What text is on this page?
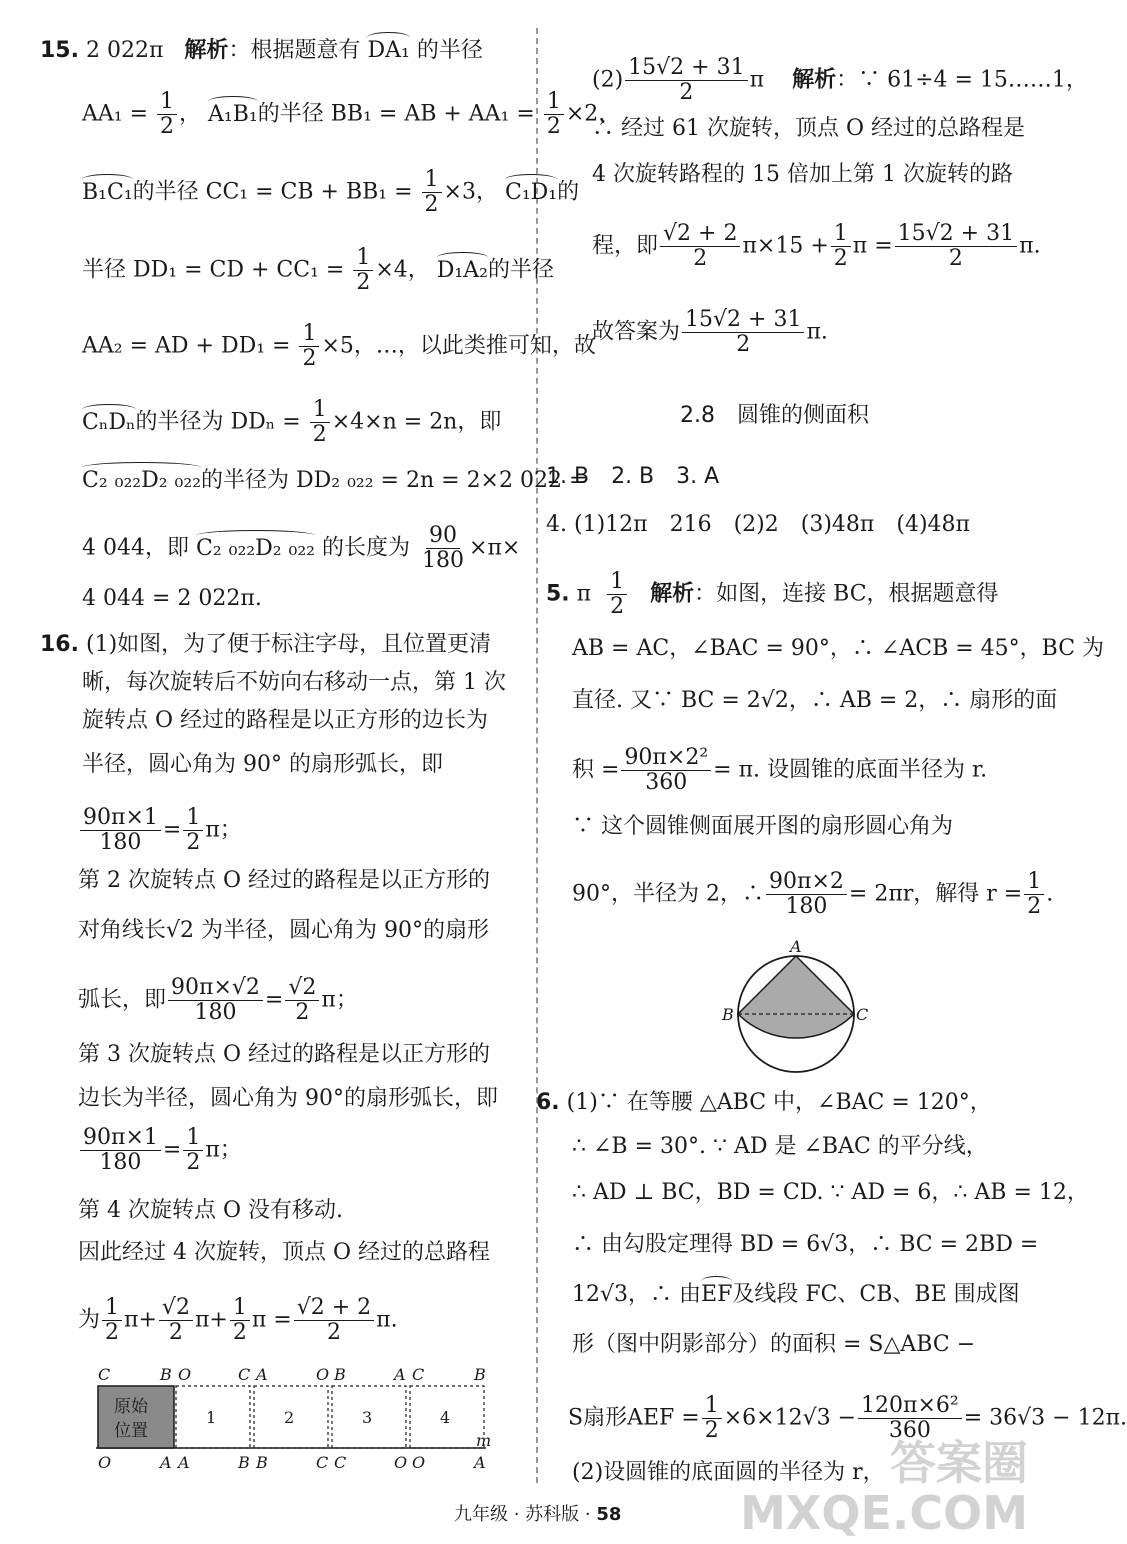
15. 2 022π 解析：根据题意有 DA₁ 的半径
$AA_1 = \frac{1}{2}$ ， A₁B₁的半径 BB₁ = AB + $AA_1 = \frac{1}{2} \times 2$，
B₁C₁的半径 CC₁ = CB + $BB_1 = \frac{1}{2} \times 3$， C₁D₁的
半径 DD₁ = CD + $CC_1 = \frac{1}{2} \times 4$， D₁A₂的半径
AA₂ = AD + $DD_1 = \frac{1}{2} \times 5$，…，以此类推可知，故
CₙDₙ的半径为 $DD_n = \frac{1}{2} \times 4\times n = 2n$，即
C₂ ₀₂₂D₂ ₀₂₂的半径为 DD₂ ₀₂₂ = 2n = 2×2 022 =
4 044，即 C₂ ₀₂₂D₂ ₀₂₂ 的长度为 $\frac{90}{180} \times\pi\times$
4 044 = 2 022π.
16. (1)如图，为了便于标注字母，且位置更清
晰，每次旋转后不妨向右移动一点，第 1 次
旋转点 O 经过的路程是以正方形的边长为
半径，圆心角为 90° 的扇形弧长，即
$\frac{90\pi\times 1}{180} = \frac{1}{2}$ π；
第 2 次旋转点 O 经过的路程是以正方形的
对角线长√2 为半径，圆心角为 90°的扇形
弧长，即 $\frac{90\pi\times√2}{180} = \frac{√2}{2}$ π；
第 3 次旋转点 O 经过的路程是以正方形的
边长为半径，圆心角为 90°的扇形弧长，即
$\frac{90\pi\times 1}{180} = \frac{1}{2}$ π；
第 4 次旋转点 O 没有移动.
因此经过 4 次旋转，顶点 O 经过的总路程
为 $\frac{1}{2} \pi+ \frac{√2}{2} \pi+ \frac{1}{2}$ $\pi = \frac{√2 + 2}{2} \pi$.
原始
位置
1	2	3	4
C	B O	C A	O B	A C	B
O	A A	B B	C C	O O	A
m
$(2) \frac{15√2 + 31}{2}$ π 解析：∵ 61÷4 = 15……1，
∴ 经过 61 次旋转，顶点 O 经过的总路程是
4 次旋转路程的 15 倍加上第 1 次旋转的路
程，即 $\frac{√2 + 2}{2} \pi\times 15 + \frac{1}{2}$ $\pi = \frac{15√2 + 31}{2} \pi$.
故答案为 $\frac{15√2 + 31}{2} \pi$.
2.8　圆锥的侧面积
1. B　2. B　3. A
4. (1)12π　216　(2)2　(3)48π　(4)48π
5. π $\frac{1}{2}$ 解析：如图，连接 BC，根据题意得
AB = AC，∠BAC = 90°，∴ ∠ACB = 45°，BC 为
直径. 又∵ BC = 2√2，∴ AB = 2，∴ 扇形的面
积 = $\frac{\text{90π×2²}}{360} = \pi$. 设圆锥的底面半径为 r.
∵ 这个圆锥侧面展开图的扇形圆心角为
90°，半径为 2，∴ $\frac{90\pi\times 2}{180} = 2\pi r$，解得 $r = \frac{1}{2}$ .
A
B	C
6. (1)∵ 在等腰 △ABC 中，∠BAC = 120°，
∴ ∠B = 30°. ∵ AD 是 ∠BAC 的平分线，
∴ AD ⊥ BC，BD = CD. ∵ AD = 6，∴ AB = 12，
∴ 由勾股定理得 BD = 6√3，∴ BC = 2BD =
12√3，∴ 由EF及线段 FC、CB、BE 围成图
形（图中阴影部分）的面积 = S△ABC −
S扇形AEF = $\frac{1}{2} \times 6\times 12√3 - \frac{\text{120π×6²}}{360} = 36√3 - 12\pi$.
(2)设圆锥的底面圆的半径为 r，
九年级 · 苏科版 · 58
答案圈
MXQE.COM
